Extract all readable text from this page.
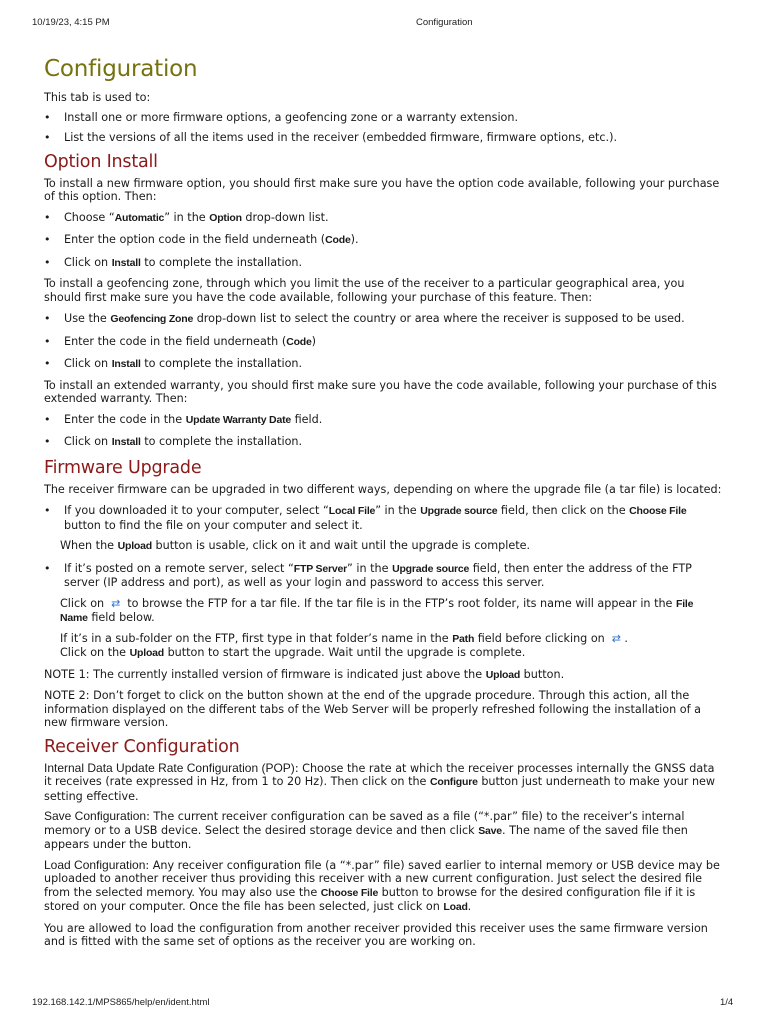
10/19/23, 4:15 PM	Configuration
Configuration

This tab is used to:

• Install one or more firmware options, a geofencing zone or a warranty extension.
• List the versions of all the items used in the receiver (embedded firmware, firmware options, etc.).
Option Install

To install a new firmware option, you should first make sure you have the option code available, following your purchase of this option. Then:

• Choose “Automatic” in the Option drop-down list.
• Enter the option code in the field underneath (Code).
• Click on Install to complete the installation.

To install a geofencing zone, through which you limit the use of the receiver to a particular geographical area, you should first make sure you have the code available, following your purchase of this feature. Then:

• Use the Geofencing Zone drop-down list to select the country or area where the receiver is supposed to be used.
• Enter the code in the field underneath (Code)
• Click on Install to complete the installation.

To install an extended warranty, you should first make sure you have the code available, following your purchase of this extended warranty. Then:

• Enter the code in the Update Warranty Date field.
• Click on Install to complete the installation.
Firmware Upgrade

The receiver firmware can be upgraded in two different ways, depending on where the upgrade file (a tar file) is located:

• If you downloaded it to your computer, select “Local File” in the Upgrade source field, then click on the Choose File button to find the file on your computer and select it.

When the Upload button is usable, click on it and wait until the upgrade is complete.

• If it’s posted on a remote server, select “FTP Server” in the Upgrade source field, then enter the address of the FTP server (IP address and port), as well as your login and password to access this server.

Click on ⇄ to browse the FTP for a tar file. If the tar file is in the FTP’s root folder, its name will appear in the File Name field below.

If it’s in a sub-folder on the FTP, first type in that folder’s name in the Path field before clicking on ⇄ .

Click on the Upload button to start the upgrade. Wait until the upgrade is complete.

NOTE 1: The currently installed version of firmware is indicated just above the Upload button.

NOTE 2: Don’t forget to click on the button shown at the end of the upgrade procedure. Through this action, all the information displayed on the different tabs of the Web Server will be properly refreshed following the installation of a new firmware version.

Receiver Configuration

Internal Data Update Rate Configuration (POP): Choose the rate at which the receiver processes internally the GNSS data it receives (rate expressed in Hz, from 1 to 20 Hz). Then click on the Configure button just underneath to make your new setting effective.

Save Configuration: The current receiver configuration can be saved as a file (“*.par” file) to the receiver’s internal memory or to a USB device. Select the desired storage device and then click Save. The name of the saved file then appears under the button.

Load Configuration: Any receiver configuration file (a “*.par” file) saved earlier to internal memory or USB device may be uploaded to another receiver thus providing this receiver with a new current configuration. Just select the desired file from the selected memory. You may also use the Choose File button to browse for the desired configuration file if it is stored on your computer. Once the file has been selected, just click on Load.

You are allowed to load the configuration from another receiver provided this receiver uses the same firmware version and is fitted with the same set of options as the receiver you are working on.

192.168.142.1/MPS865/help/en/ident.html	1/4
